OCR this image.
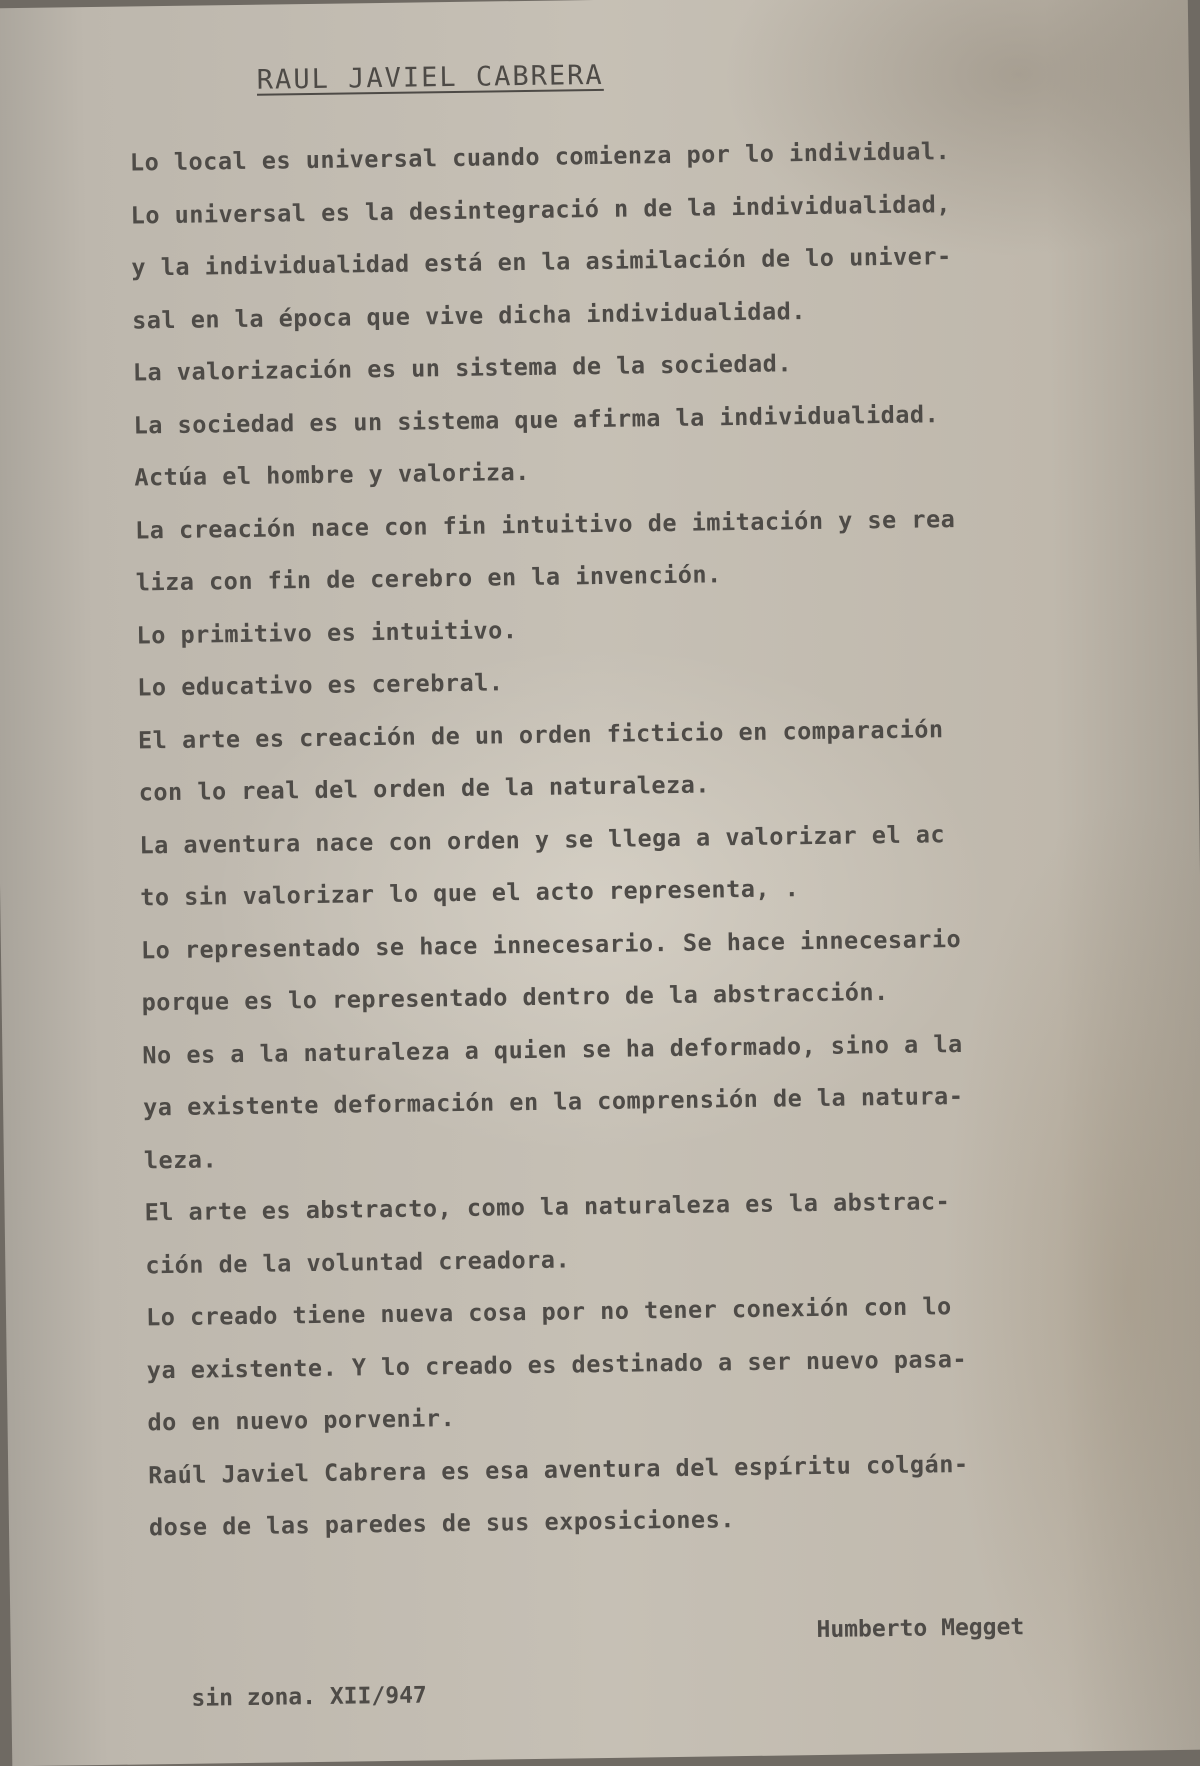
RAUL JAVIEL CABRERA
Lo local es universal cuando comienza por lo individual.
Lo universal es la desintegració n de la individualidad,
y la individualidad está en la asimilación de lo univer-
sal en la época que vive dicha individualidad.
La valorización es un sistema de la sociedad.
La sociedad es un sistema que afirma la individualidad.
Actúa el hombre y valoriza.
La creación nace con fin intuitivo de imitación y se rea
liza con fin de cerebro en la invención.
Lo primitivo es intuitivo.
Lo educativo es cerebral.
El arte es creación de un orden ficticio en comparación
con lo real del orden de la naturaleza.
La aventura nace con orden y se llega a valorizar el ac
to sin valorizar lo que el acto representa, .
Lo representado se hace innecesario. Se hace innecesario
porque es lo representado dentro de la abstracción.
No es a la naturaleza a quien se ha deformado, sino a la
ya existente deformación en la comprensión de la natura-
leza.
El arte es abstracto, como la naturaleza es la abstrac-
ción de la voluntad creadora.
Lo creado tiene nueva cosa por no tener conexión con lo
ya existente. Y lo creado es destinado a ser nuevo pasa-
do en nuevo porvenir.
Raúl Javiel Cabrera es esa aventura del espíritu colgán-
dose de las paredes de sus exposiciones.
Humberto Megget
sin zona. XII/947
